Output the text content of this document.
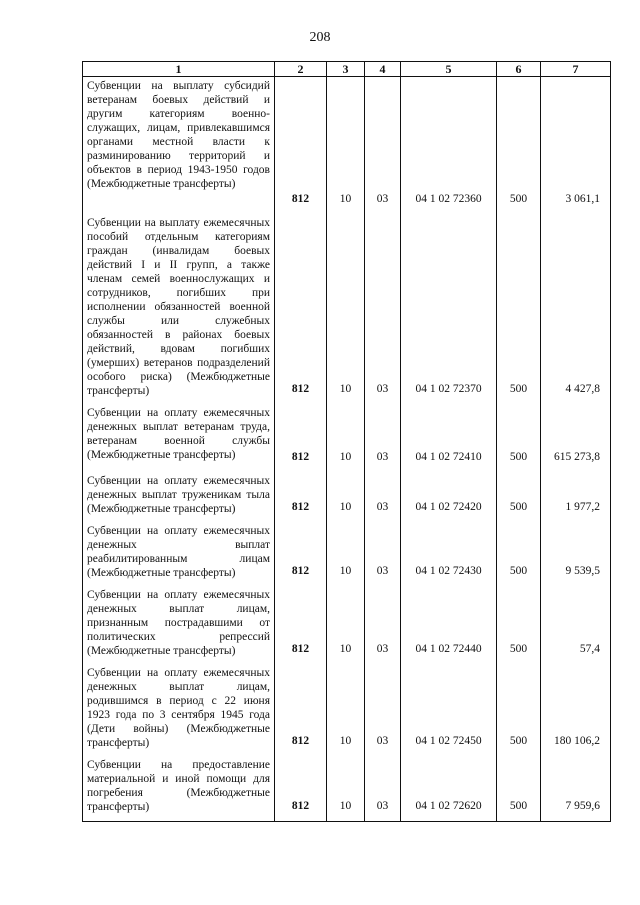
208
1	2	3	4	5	6	7
Субвенции на выплату субсидий ветеранам боевых действий и другим категориям военно-служащих, лицам, привлекавшимся органами местной власти к разминированию территорий и объектов в период 1943-1950 годов (Межбюджетные трансферты)	812	10	03	04 1 02 72360	500	3 061,1
Субвенции на выплату ежемесячных пособий отдельным категориям граждан (инвалидам боевых действий I и II групп, а также членам семей военнослужащих и сотрудников, погибших при исполнении обязанностей военной службы или служебных обязанностей в районах боевых действий, вдовам погибших (умерших) ветеранов подразделений особого риска) (Межбюджетные трансферты)	812	10	03	04 1 02 72370	500	4 427,8
Субвенции на оплату ежемесячных денежных выплат ветеранам труда, ветеранам военной службы (Межбюджетные трансферты)	812	10	03	04 1 02 72410	500	615 273,8
Субвенции на оплату ежемесячных денежных выплат труженикам тыла (Межбюджетные трансферты)	812	10	03	04 1 02 72420	500	1 977,2
Субвенции на оплату ежемесячных денежных выплат реабилитированным лицам (Межбюджетные трансферты)	812	10	03	04 1 02 72430	500	9 539,5
Субвенции на оплату ежемесячных денежных выплат лицам, признанным пострадавшими от политических репрессий (Межбюджетные трансферты)	812	10	03	04 1 02 72440	500	57,4
Субвенции на оплату ежемесячных денежных выплат лицам, родившимся в период с 22 июня 1923 года по 3 сентября 1945 года (Дети войны) (Межбюджетные трансферты)	812	10	03	04 1 02 72450	500	180 106,2
Субвенции на предоставление материальной и иной помощи для погребения (Межбюджетные трансферты)	812	10	03	04 1 02 72620	500	7 959,6
